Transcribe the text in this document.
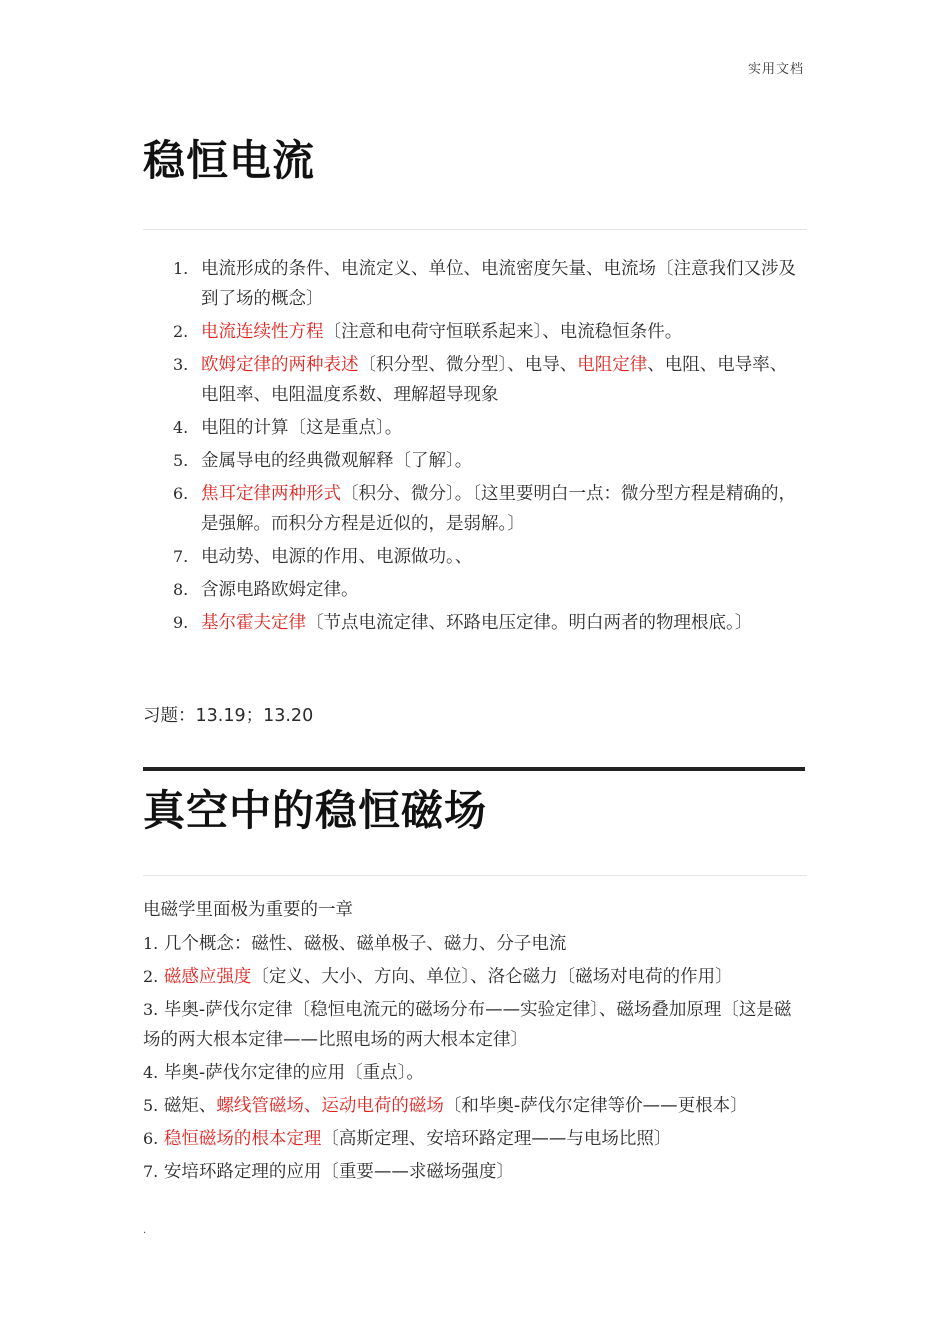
实用文档
稳恒电流
1. 电流形成的条件、电流定义、单位、电流密度矢量、电流场〔注意我们又涉及到了场的概念〕
2. 电流连续性方程〔注意和电荷守恒联系起来〕、电流稳恒条件。
3. 欧姆定律的两种表述〔积分型、微分型〕、电导、电阻定律、电阻、电导率、电阻率、电阻温度系数、理解超导现象
4. 电阻的计算〔这是重点〕。
5. 金属导电的经典微观解释〔了解〕。
6. 焦耳定律两种形式〔积分、微分〕。〔这里要明白一点：微分型方程是精确的，是强解。而积分方程是近似的，是弱解。〕
7. 电动势、电源的作用、电源做功。、
8. 含源电路欧姆定律。
9. 基尔霍夫定律〔节点电流定律、环路电压定律。明白两者的物理根底。〕
习题：13.19；13.20
真空中的稳恒磁场
电磁学里面极为重要的一章
1. 几个概念：磁性、磁极、磁单极子、磁力、分子电流
2. 磁感应强度〔定义、大小、方向、单位〕、洛仑磁力〔磁场对电荷的作用〕
3. 毕奥-萨伐尔定律〔稳恒电流元的磁场分布——实验定律〕、磁场叠加原理〔这是磁场的两大根本定律——比照电场的两大根本定律〕
4. 毕奥-萨伐尔定律的应用〔重点〕。
5. 磁矩、螺线管磁场、运动电荷的磁场〔和毕奥-萨伐尔定律等价——更根本〕
6. 稳恒磁场的根本定理〔高斯定理、安培环路定理——与电场比照〕
7. 安培环路定理的应用〔重要——求磁场强度〕
.
